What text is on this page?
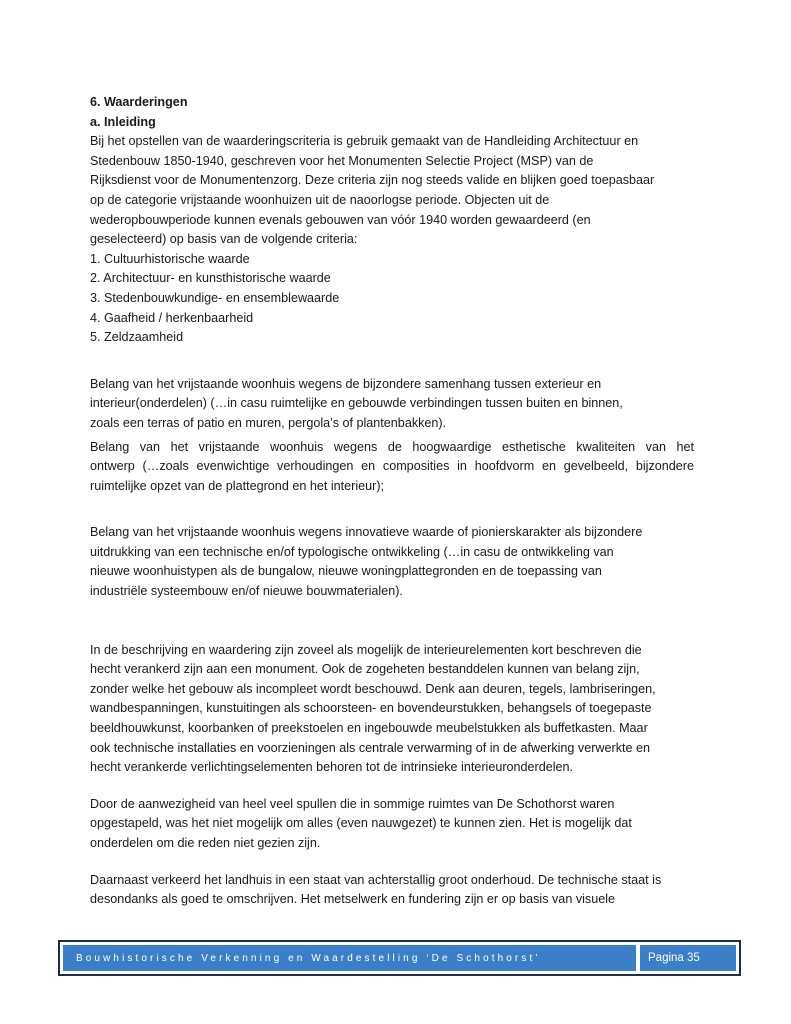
6. Waarderingen

a. Inleiding

Bij het opstellen van de waarderingscriteria is gebruik gemaakt van de Handleiding Architectuur en
Stedenbouw 1850-1940, geschreven voor het Monumenten Selectie Project (MSP) van de
Rijksdienst voor de Monumentenzorg. Deze criteria zijn nog steeds valide en blijken goed toepasbaar
op de categorie vrijstaande woonhuizen uit de naoorlogse periode. Objecten uit de
wederopbouwperiode kunnen evenals gebouwen van vóór 1940 worden gewaardeerd (en
geselecteerd) op basis van de volgende criteria:

1. Cultuurhistorische waarde
2. Architectuur- en kunsthistorische waarde
3. Stedenbouwkundige- en ensemblewaarde
4. Gaafheid / herkenbaarheid
5. Zeldzaamheid

Belang van het vrijstaande woonhuis wegens de bijzondere samenhang tussen exterieur en
interieur(onderdelen) (…in casu ruimtelijke en gebouwde verbindingen tussen buiten en binnen,
zoals een terras of patio en muren, pergola’s of plantenbakken).

Belang van het vrijstaande woonhuis wegens de hoogwaardige esthetische kwaliteiten van het
ontwerp (…zoals evenwichtige verhoudingen en composities in hoofdvorm en gevelbeeld, bijzondere
ruimtelijke opzet van de plattegrond en het interieur);

Belang van het vrijstaande woonhuis wegens innovatieve waarde of pionierskarakter als bijzondere
uitdrukking van een technische en/of typologische ontwikkeling (…in casu de ontwikkeling van
nieuwe woonhuistypen als de bungalow, nieuwe woningplattegronden en de toepassing van
industriële systeembouw en/of nieuwe bouwmaterialen).

In de beschrijving en waardering zijn zoveel als mogelijk de interieurelementen kort beschreven die
hecht verankerd zijn aan een monument. Ook de zogeheten bestanddelen kunnen van belang zijn,
zonder welke het gebouw als incompleet wordt beschouwd. Denk aan deuren, tegels, lambriseringen,
wandbespanningen, kunstuitingen als schoorsteen- en bovendeurstukken, behangsels of toegepaste
beeldhouwkunst, koorbanken of preekstoelen en ingebouwde meubelstukken als buffetkasten. Maar
ook technische installaties en voorzieningen als centrale verwarming of in de afwerking verwerkte en
hecht verankerde verlichtingselementen behoren tot de intrinsieke interieuronderdelen.

Door de aanwezigheid van heel veel spullen die in sommige ruimtes van De Schothorst waren
opgestapeld, was het niet mogelijk om alles (even nauwgezet) te kunnen zien. Het is mogelijk dat
onderdelen om die reden niet gezien zijn.

Daarnaast verkeerd het landhuis in een staat van achterstallig groot onderhoud. De technische staat is
desondanks als goed te omschrijven. Het metselwerk en fundering zijn er op basis van visuele

Bouwhistorische Verkenning en Waardestelling ‘De Schothorst’	Pagina 35
